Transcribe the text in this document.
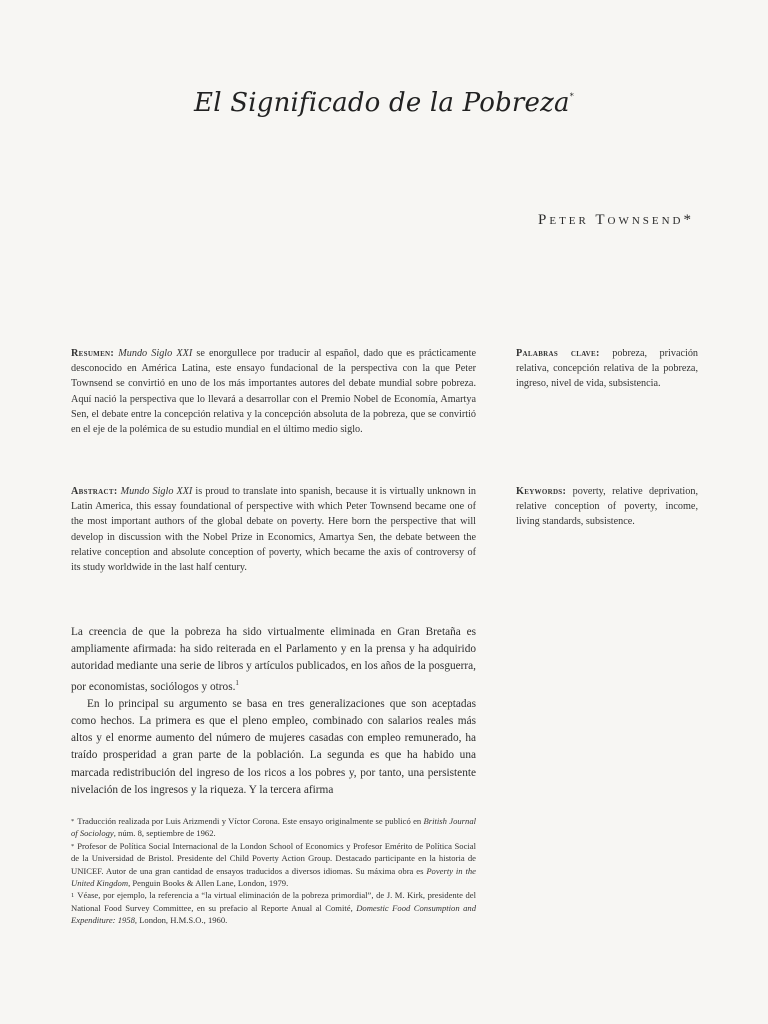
El Significado de la Pobreza*
Peter Townsend*
Resumen: Mundo Siglo XXI se enorgullece por traducir al español, dado que es prácticamente desconocido en América Latina, este ensayo fundacional de la perspectiva con la que Peter Townsend se convirtió en uno de los más importantes autores del debate mundial sobre pobreza. Aquí nació la perspectiva que lo llevará a desarrollar con el Premio Nobel de Economía, Amartya Sen, el debate entre la concepción relativa y la concepción absoluta de la pobreza, que se convirtió en el eje de la polémica de su estudio mundial en el último medio siglo.
Palabras clave: pobreza, privación relativa, concepción relativa de la pobreza, ingreso, nivel de vida, subsistencia.
Abstract: Mundo Siglo XXI is proud to translate into spanish, because it is virtually unknown in Latin America, this essay foundational of perspective with which Peter Townsend became one of the most important authors of the global debate on poverty. Here born the perspective that will develop in discussion with the Nobel Prize in Economics, Amartya Sen, the debate between the relative conception and absolute conception of poverty, which became the axis of controversy of its study worldwide in the last half century.
Keywords: poverty, relative deprivation, relative conception of poverty, income, living standards, subsistence.

La creencia de que la pobreza ha sido virtualmente eliminada en Gran Bretaña es ampliamente afirmada: ha sido reiterada en el Parlamento y en la prensa y ha adquirido autoridad mediante una serie de libros y artículos publicados, en los años de la posguerra, por economistas, sociólogos y otros.$^1$

En lo principal su argumento se basa en tres generalizaciones que son aceptadas como hechos. La primera es que el pleno empleo, combinado con salarios reales más altos y el enorme aumento del número de mujeres casadas con empleo remunerado, ha traído prosperidad a gran parte de la población. La segunda es que ha habido una marcada redistribución del ingreso de los ricos a los pobres y, por tanto, una persistente nivelación de los ingresos y la riqueza. Y la tercera afirma

* Traducción realizada por Luis Arizmendi y Víctor Corona. Este ensayo originalmente se publicó en British Journal of Sociology, núm. 8, septiembre de 1962.

* Profesor de Política Social Internacional de la London School of Economics y Profesor Emérito de Política Social de la Universidad de Bristol. Presidente del Child Poverty Action Group. Destacado participante en la historia de UNICEF. Autor de una gran cantidad de ensayos traducidos a diversos idiomas. Su máxima obra es Poverty in the United Kingdom, Penguin Books & Allen Lane, London, 1979.

$^1$ Véase, por ejemplo, la referencia a “la virtual eliminación de la pobreza primordial”, de J. M. Kirk, presidente del National Food Survey Committee, en su prefacio al Reporte Anual al Comité, Domestic Food Consumption and Expenditure: 1958, London, H.M.S.O., 1960.
